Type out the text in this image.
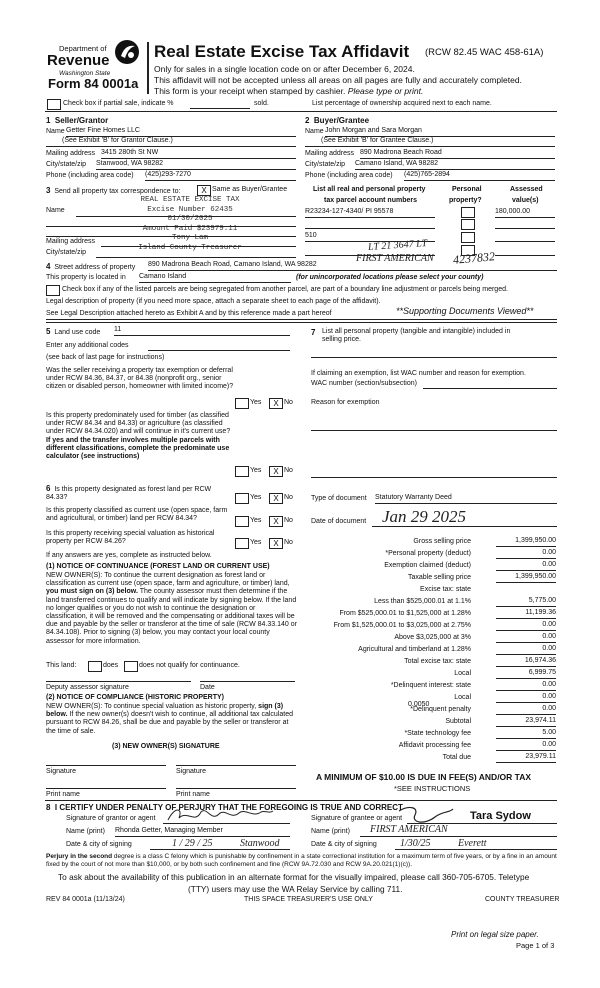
Department of
Revenue
Washington State
Form 84 0001a
Real Estate Excise Tax Affidavit (RCW 82.45 WAC 458-61A)
Only for sales in a single location code on or after December 6, 2024.
This affidavit will not be accepted unless all areas on all pages are fully and accurately completed.
This form is your receipt when stamped by cashier. Please type or print.
Check box if partial sale, indicate %	sold.	List percentage of ownership acquired next to each name.
1 Seller/Grantor
Name Getter Fine Homes LLC
(See Exhibit 'B' for Grantor Clause.)
Mailing address 3415 280th St NW
City/state/zip Stanwood, WA 98282
Phone (including area code) (425)293-7270
2 Buyer/Grantee
Name John Morgan and Sara Morgan
(See Exhibit 'B' for Grantee Clause.)
Mailing address 890 Madrona Beach Road
City/state/zip Camano Island, WA 98282
Phone (including area code) (425)765-2894
3 Send all property tax correspondence to:	X Same as Buyer/Grantee
REAL ESTATE EXCISE TAX
Excise Number 62435
01/30/2025
Amount Paid $23979.11
Tony Lam
Island County Treasurer
Name
Mailing address
City/state/zip
List all real and personal property
tax parcel account numbers
Personal
property?
Assessed
value(s)
R23234-127-4340/ PI 95578	180,000.00
510
LT 21 3647 LT
FIRST AMERICAN 4237832
4 Street address of property 890 Madrona Beach Road, Camano Island, WA 98282
This property is located in Camano Island	(for unincorporated locations please select your county)
Check box if any of the listed parcels are being segregated from another parcel, are part of a boundary line adjustment or parcels being merged.
Legal description of property (if you need more space, attach a separate sheet to each page of the affidavit).
See Legal Description attached hereto as Exhibit A and by this reference made a part hereof	**Supporting Documents Viewed**
5 Land use code 11
Enter any additional codes
(see back of last page for instructions)
Was the seller receiving a property tax exemption or deferral under RCW 84.36, 84.37, or 84.38 (nonprofit org., senior citizen or disabled person, homeowner with limited income)?
Yes	X No
Is this property predominately used for timber (as classified under RCW 84.34 and 84.33) or agriculture (as classified under RCW 84.34.020) and will continue in it's current use? If yes and the transfer involves multiple parcels with different classifications, complete the predominate use calculator (see instructions)
Yes	X No
7 List all personal property (tangible and intangible) included in selling price.
If claiming an exemption, list WAC number and reason for exemption.
WAC number (section/subsection)
Reason for exemption
Type of document Statutory Warranty Deed
Date of document Jan 29 2025
6 Is this property designated as forest land per RCW 84.33?	Yes	X No
Is this property classified as current use (open space, farm and agricultural, or timber) land per RCW 84.34?	Yes	X No
Is this property receiving special valuation as historical property per RCW 84.26?	Yes	X No
If any answers are yes, complete as instructed below.
(1) NOTICE OF CONTINUANCE (FOREST LAND OR CURRENT USE)
NEW OWNER(S): To continue the current designation as forest land or classification as current use (open space, farm and agriculture, or timber) land, you must sign on (3) below. The county assessor must then determine if the land transferred continues to qualify and will indicate by signing below. If the land no longer qualifies or you do not wish to continue the designation or classification, it will be removed and the compensating or additional taxes will be due and payable by the seller or transferor at the time of sale (RCW 84.33.140 or 84.34.108). Prior to signing (3) below, you may contact your local county assessor for more information.
This land:	does	does not qualify for continuance.
Deputy assessor signature	Date
(2) NOTICE OF COMPLIANCE (HISTORIC PROPERTY)
NEW OWNER(S): To continue special valuation as historic property, sign (3) below. If the new owner(s) doesn't wish to continue, all additional tax calculated pursuant to RCW 84.26, shall be due and payable by the seller or transferor at the time of sale.
(3) NEW OWNER(S) SIGNATURE
Signature	Signature
Print name	Print name
Gross selling price	1,399,950.00
*Personal property (deduct)	0.00
Exemption claimed (deduct)	0.00
Taxable selling price	1,399,950.00
Excise tax: state
Less than $525,000.01 at 1.1%	5,775.00
From $525,000.01 to $1,525,000 at 1.28%	11,199.36
From $1,525,000.01 to $3,025,000 at 2.75%	0.00
Above $3,025,000 at 3%	0.00
Agricultural and timberland at 1.28%	0.00
Total excise tax: state	16,974.36
Local	6,999.75
*Delinquent interest: state	0.00
Local	0.00
*Delinquent penalty	0.00
Subtotal	23,974.11
*State technology fee	5.00
Affidavit processing fee	0.00
Total due	23,979.11
0.0050
A MINIMUM OF $10.00 IS DUE IN FEE(S) AND/OR TAX
*SEE INSTRUCTIONS
8 I CERTIFY UNDER PENALTY OF PERJURY THAT THE FOREGOING IS TRUE AND CORRECT
Signature of grantor or agent
Name (print) Rhonda Getter, Managing Member
Date & city of signing	1 / 29 / 25	Stanwood
Signature of grantee or agent	Tara Sydow
Name (print) FIRST AMERICAN
Date & city of signing 1/30/25	Everett
Perjury in the second degree is a class C felony which is punishable by confinement in a state correctional institution for a maximum term of five years, or by a fine in an amount fixed by the court of not more than $10,000, or by both such confinement and fine (RCW 9A.72.030 and RCW 9A.20.021(1)(c)).
To ask about the availability of this publication in an alternate format for the visually impaired, please call 360-705-6705. Teletype
(TTY) users may use the WA Relay Service by calling 711.
REV 84 0001a (11/13/24)	THIS SPACE TREASURER'S USE ONLY	COUNTY TREASURER
Print on legal size paper.
Page 1 of 3
